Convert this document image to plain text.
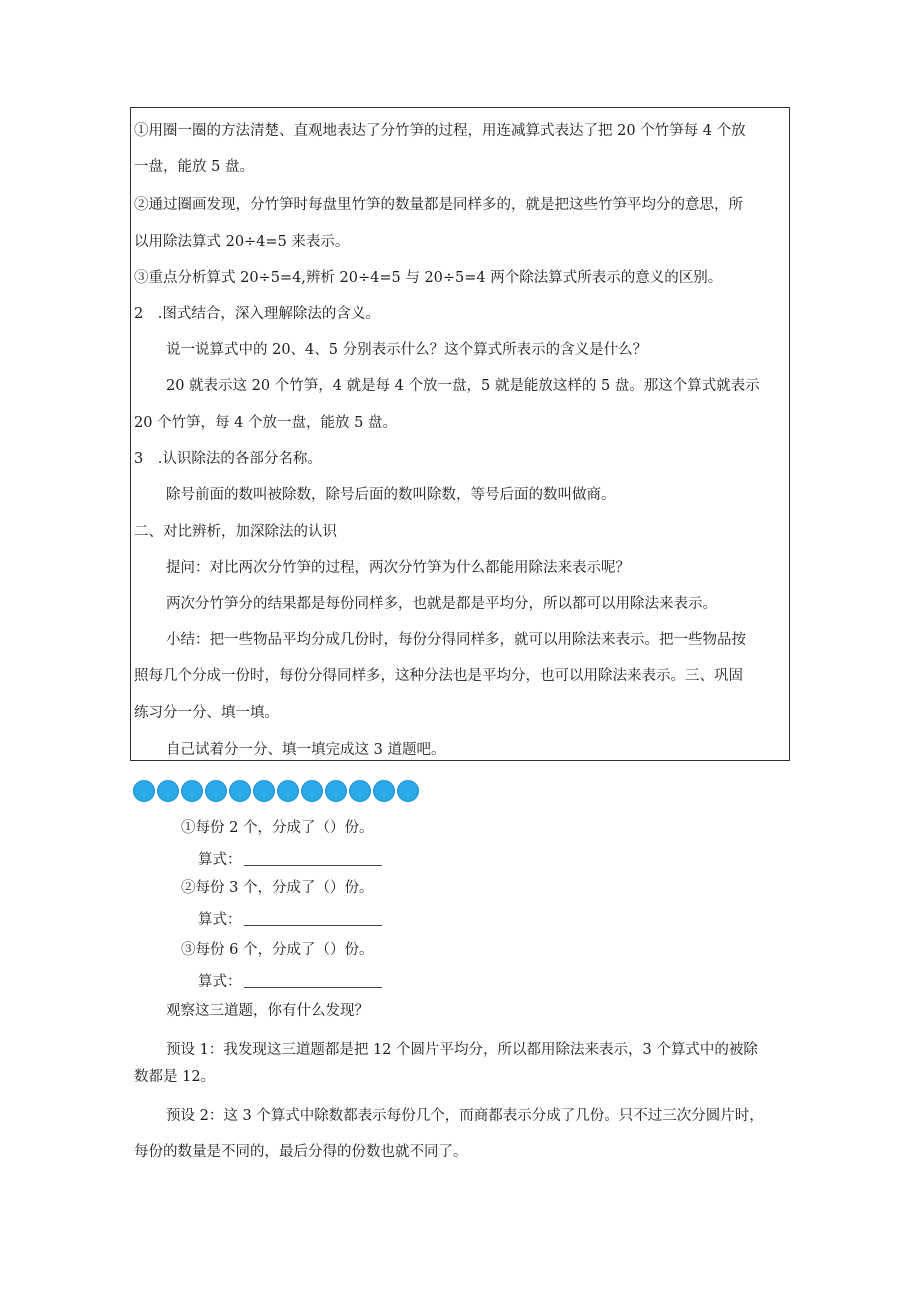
①用圈一圈的方法清楚、直观地表达了分竹笋的过程，用连减算式表达了把 20 个竹笋每 4 个放
一盘，能放 5 盘。
②通过圈画发现，分竹笋时每盘里竹笋的数量都是同样多的，就是把这些竹笋平均分的意思，所
以用除法算式 20÷4=5 来表示。
③重点分析算式 20÷5=4,辨析 20÷4=5 与 20÷5=4 两个除法算式所表示的意义的区别。
2　.图式结合，深入理解除法的含义。
说一说算式中的 20、4、5 分别表示什么？这个算式所表示的含义是什么？
20 就表示这 20 个竹笋，4 就是每 4 个放一盘，5 就是能放这样的 5 盘。那这个算式就表示
20 个竹笋，每 4 个放一盘，能放 5 盘。
3　.认识除法的各部分名称。
除号前面的数叫被除数，除号后面的数叫除数，等号后面的数叫做商。
二、对比辨析，加深除法的认识
提问：对比两次分竹笋的过程，两次分竹笋为什么都能用除法来表示呢？
两次分竹笋分的结果都是每份同样多，也就是都是平均分，所以都可以用除法来表示。
小结：把一些物品平均分成几份时，每份分得同样多，就可以用除法来表示。把一些物品按
照每几个分成一份时，每份分得同样多，这种分法也是平均分，也可以用除法来表示。三、巩固
练习分一分、填一填。
自己试着分一分、填一填完成这 3 道题吧。
①每份 2 个，分成了（）份。
算式：
②每份 3 个，分成了（）份。
算式：
③每份 6 个，分成了（）份。
算式：
观察这三道题，你有什么发现？
预设 1：我发现这三道题都是把 12 个圆片平均分，所以都用除法来表示，3 个算式中的被除
数都是 12。
预设 2：这 3 个算式中除数都表示每份几个，而商都表示分成了几份。只不过三次分圆片时，
每份的数量是不同的，最后分得的份数也就不同了。
